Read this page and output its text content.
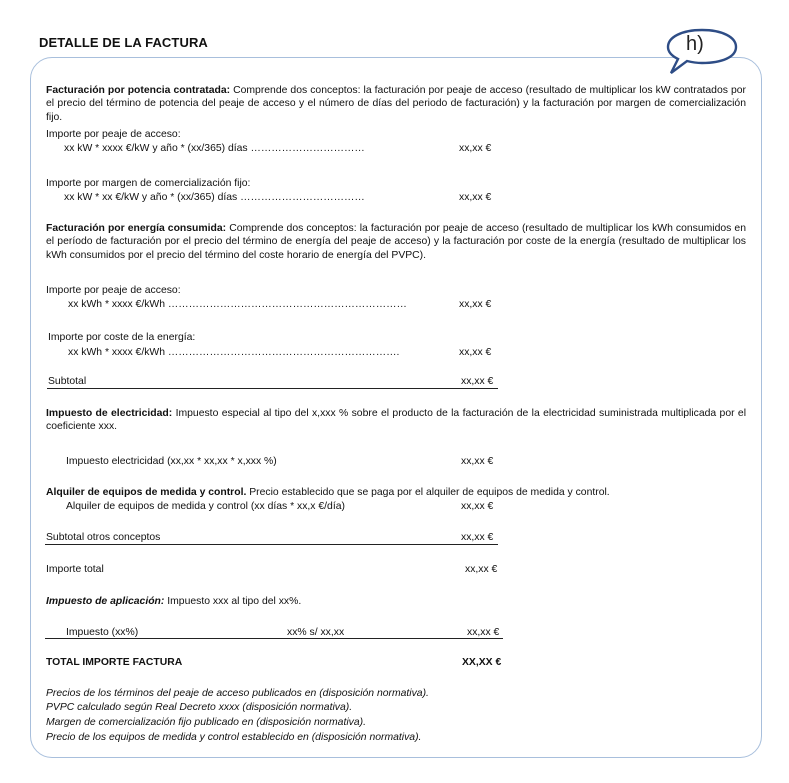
DETALLE DE LA FACTURA	h)
Facturación por potencia contratada: Comprende dos conceptos: la facturación por peaje de acceso (resultado de multiplicar los kW contratados por el precio del término de potencia del peaje de acceso y el número de días del periodo de facturación) y la facturación por margen de comercialización fijo.
Importe por peaje de acceso:
xx kW * xxxx €/kW y año * (xx/365) días ……………………………	xx,xx €
Importe por margen de comercialización fijo:
xx kW * xx €/kW y año * (xx/365) días ………………………………	xx,xx €
Facturación por energía consumida: Comprende dos conceptos: la facturación por peaje de acceso (resultado de multiplicar los kWh consumidos en el período de facturación por el precio del término de energía del peaje de acceso) y la facturación por coste de la energía (resultado de multiplicar los kWh consumidos por el precio del término del coste horario de energía del PVPC).
Importe por peaje de acceso:
xx kWh * xxxx €/kWh ……………………………………………………………	xx,xx €
Importe por coste de la energía:
xx kWh * xxxx €/kWh ………………………………………………………….	xx,xx €
Subtotal	xx,xx €
Impuesto de electricidad: Impuesto especial al tipo del x,xxx % sobre el producto de la facturación de la electricidad suministrada multiplicada por el coeficiente xxx.
Impuesto electricidad (xx,xx * xx,xx * x,xxx %)	xx,xx €
Alquiler de equipos de medida y control. Precio establecido que se paga por el alquiler de equipos de medida y control.
Alquiler de equipos de medida y control (xx días * xx,x €/día)	xx,xx €
Subtotal otros conceptos	xx,xx €
Importe total	xx,xx €
Impuesto de aplicación: Impuesto xxx al tipo del xx%.
Impuesto (xx%)	xx% s/ xx,xx	xx,xx €
TOTAL IMPORTE FACTURA	XX,XX €
Precios de los términos del peaje de acceso publicados en (disposición normativa).
PVPC calculado según Real Decreto xxxx (disposición normativa).
Margen de comercialización fijo publicado en (disposición normativa).
Precio de los equipos de medida y control establecido en (disposición normativa).
